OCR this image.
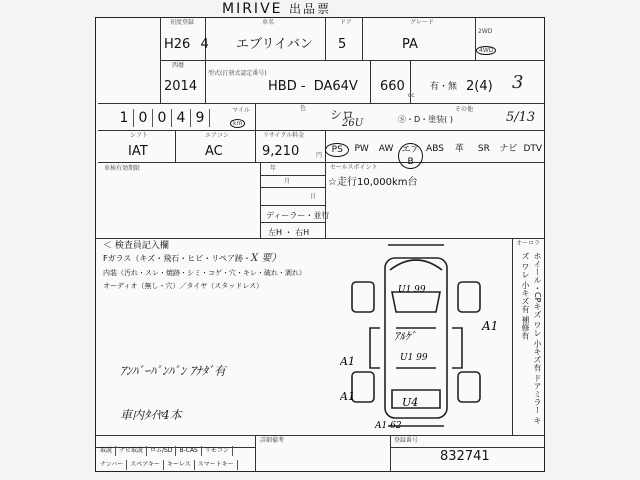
MIRIVE 出品票
初度登録
H26 4
車名
エブリイバン
ドア
5
グレード
PA
2WD
4WD
西暦
2014
型式(打刻式認定番号)
HBD - DA64V 660
cc
有・無 2(4) 3
1 0 0 4 9	マイル
km
色 シロ
26U	Ⓢ・D・塗装( )
その他
5/13
シフト
IAT
エアコン
AC
リサイクル料金
9,210	円
PS	PW	AW エアB
ABS	革	SR	ナビ DTV
車検有効期限	年	セールスポイント
☆走行10,000km台
月
日
ディーラー・並行
左H ・ 右H
＜ 検査員記入欄
Fガラス（キズ・飛石・ヒビ・リペア跡・X 要）
内装（汚れ・スレ・焼跡・シミ・コゲ・穴・キレ・破れ・剥れ）
オーディオ（無し・穴）／タイヤ（スタッドレス）
ｱﾝﾊﾞｰﾊﾟﾝﾊﾟﾝ ｱﾅﾀﾞ有
車内ﾀｲﾔ4本
U1 99
ｱﾙｹﾞ
A1
A1
A1
U1 99
U4
A1 62
オーロラ
ホイール・CPキズ ワレ 小キズ有 ドアミラー キズ ワレ 小キズ有 補修有
取説 ナビ取説 ロム/SD B-CAS リモコン
ナンバー スペアキー キーレス スマートキー
詳細備考	登録番号
832741
